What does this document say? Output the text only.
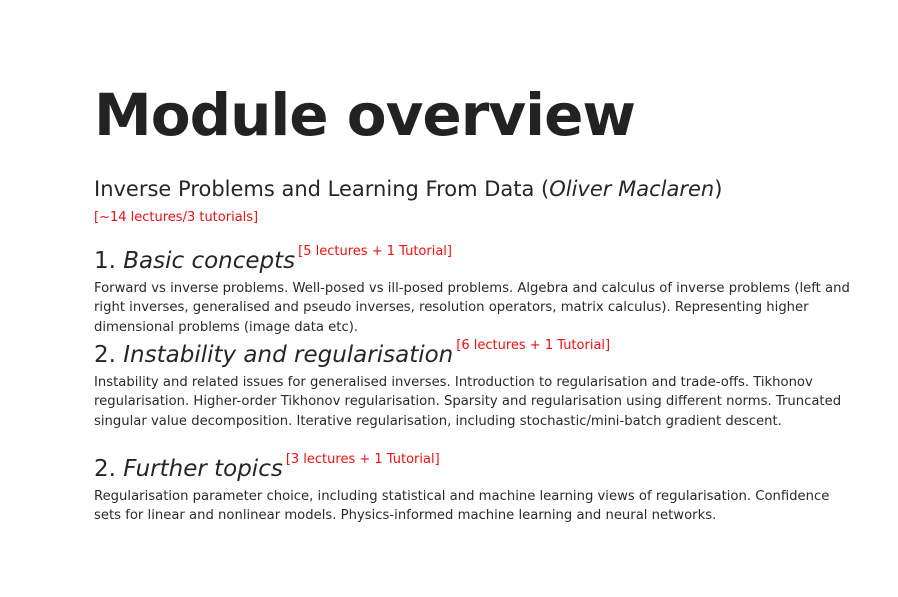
Module overview
Inverse Problems and Learning From Data (Oliver Maclaren)
[~14 lectures/3 tutorials]
1. Basic concepts [5 lectures + 1 Tutorial]

Forward vs inverse problems. Well-posed vs ill-posed problems. Algebra and calculus of inverse problems (left and right inverses, generalised and pseudo inverses, resolution operators, matrix calculus). Representing higher dimensional problems (image data etc).

2. Instability and regularisation [6 lectures + 1 Tutorial]

Instability and related issues for generalised inverses. Introduction to regularisation and trade-offs. Tikhonov regularisation. Higher-order Tikhonov regularisation. Sparsity and regularisation using different norms. Truncated singular value decomposition. Iterative regularisation, including stochastic/mini-batch gradient descent.

2. Further topics [3 lectures + 1 Tutorial]

Regularisation parameter choice, including statistical and machine learning views of regularisation. Confidence sets for linear and nonlinear models. Physics-informed machine learning and neural networks.
